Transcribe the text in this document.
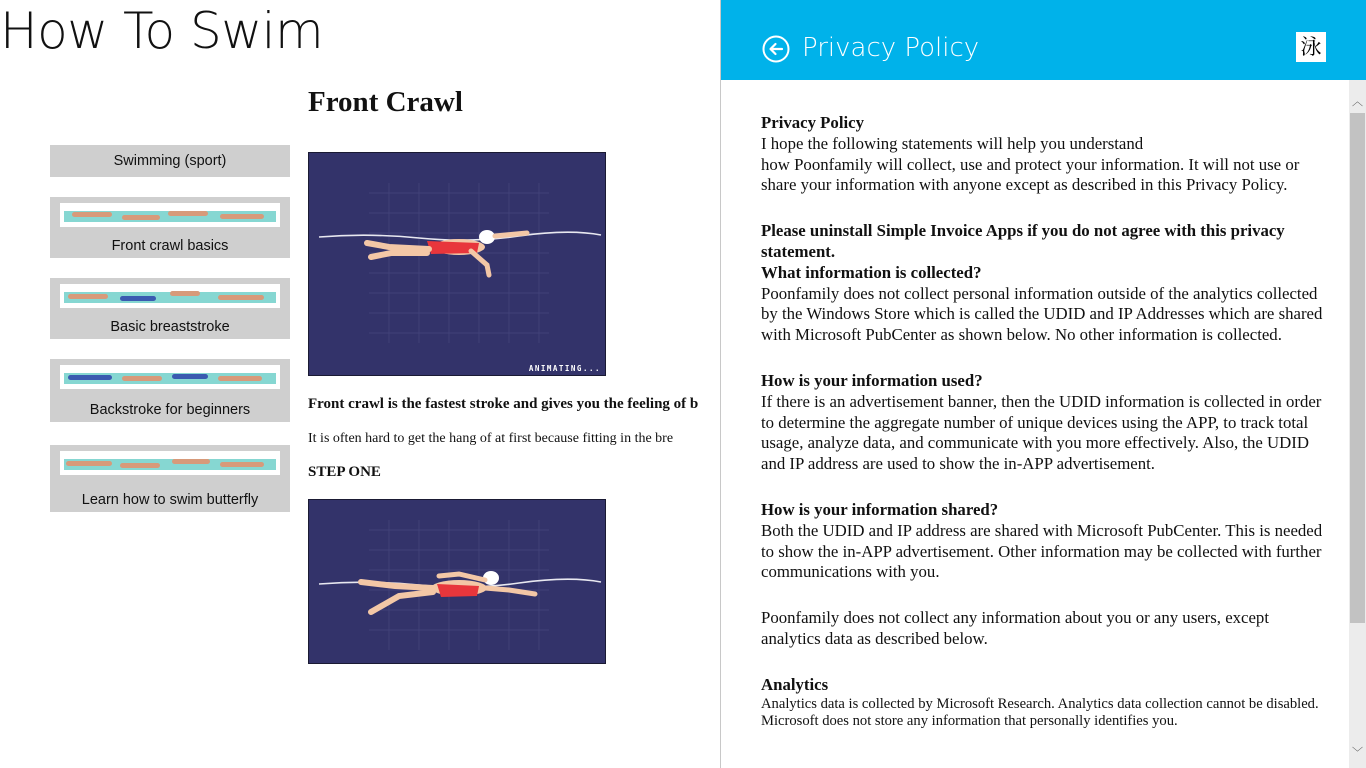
How To Swim
Swimming (sport)
Front crawl basics
Basic breaststroke
Backstroke for beginners
Learn how to swim butterfly
Front Crawl
ANIMATING...
Front crawl is the fastest stroke and gives you the feeling of b
It is often hard to get the hang of at first because fitting in the bre
STEP ONE
Privacy Policy	泳

Privacy Policy

I hope the following statements will help you understand
how Poonfamily will collect, use and protect your information. It will not use or share your information with anyone except as described in this Privacy Policy.

Please uninstall Simple Invoice Apps if you do not agree with this privacy statement.
What information is collected?

Poonfamily does not collect personal information outside of the analytics collected by the Windows Store which is called the UDID and IP Addresses which are shared with Microsoft PubCenter as shown below. No other information is collected.

How is your information used?

If there is an advertisement banner, then the UDID information is collected in order to determine the aggregate number of unique devices using the APP, to track total usage, analyze data, and communicate with you more effectively. Also, the UDID and IP address are used to show the in-APP advertisement.

How is your information shared?

Both the UDID and IP address are shared with Microsoft PubCenter. This is needed to show the in-APP advertisement. Other information may be collected with further communications with you.

Poonfamily does not collect any information about you or any users, except analytics data as described below.

Analytics

Analytics data is collected by Microsoft Research. Analytics data collection cannot be disabled. Microsoft does not store any information that personally identifies you.

︿
﹀
